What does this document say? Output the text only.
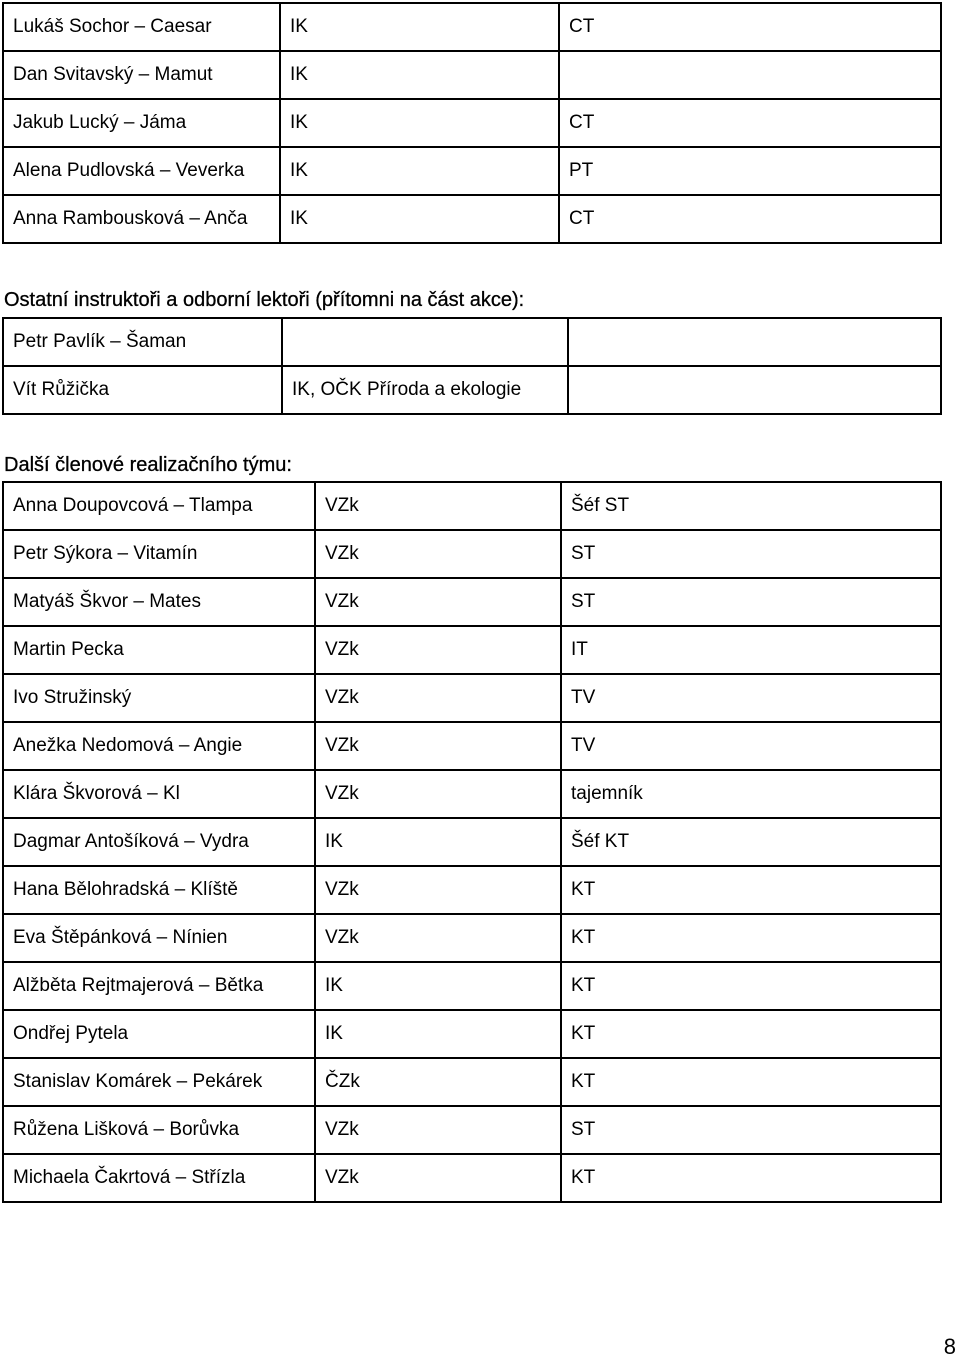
Lukáš Sochor – Caesar	IK	CT
Dan Svitavský – Mamut	IK	
Jakub Lucký – Jáma	IK	CT
Alena Pudlovská – Veverka	IK	PT
Anna Rambousková – Anča	IK	CT
Ostatní instruktoři a odborní lektoři (přítomni na část akce):
Petr Pavlík – Šaman		
Vít Růžička	IK, OČK Příroda a ekologie	
Další členové realizačního týmu:
Anna Doupovcová – Tlampa	VZk	Šéf ST
Petr Sýkora – Vitamín	VZk	ST
Matyáš Škvor – Mates	VZk	ST
Martin Pecka	VZk	IT
Ivo Stružinský	VZk	TV
Anežka Nedomová – Angie	VZk	TV
Klára Škvorová – Kl	VZk	tajemník
Dagmar Antošíková – Vydra	IK	Šéf KT
Hana Bělohradská – Klíště	VZk	KT
Eva Štěpánková – Nínien	VZk	KT
Alžběta Rejtmajerová – Bětka	IK	KT
Ondřej Pytela	IK	KT
Stanislav Komárek – Pekárek	ČZk	KT
Růžena Lišková – Borůvka	VZk	ST
Michaela Čakrtová – Střízla	VZk	KT
8
